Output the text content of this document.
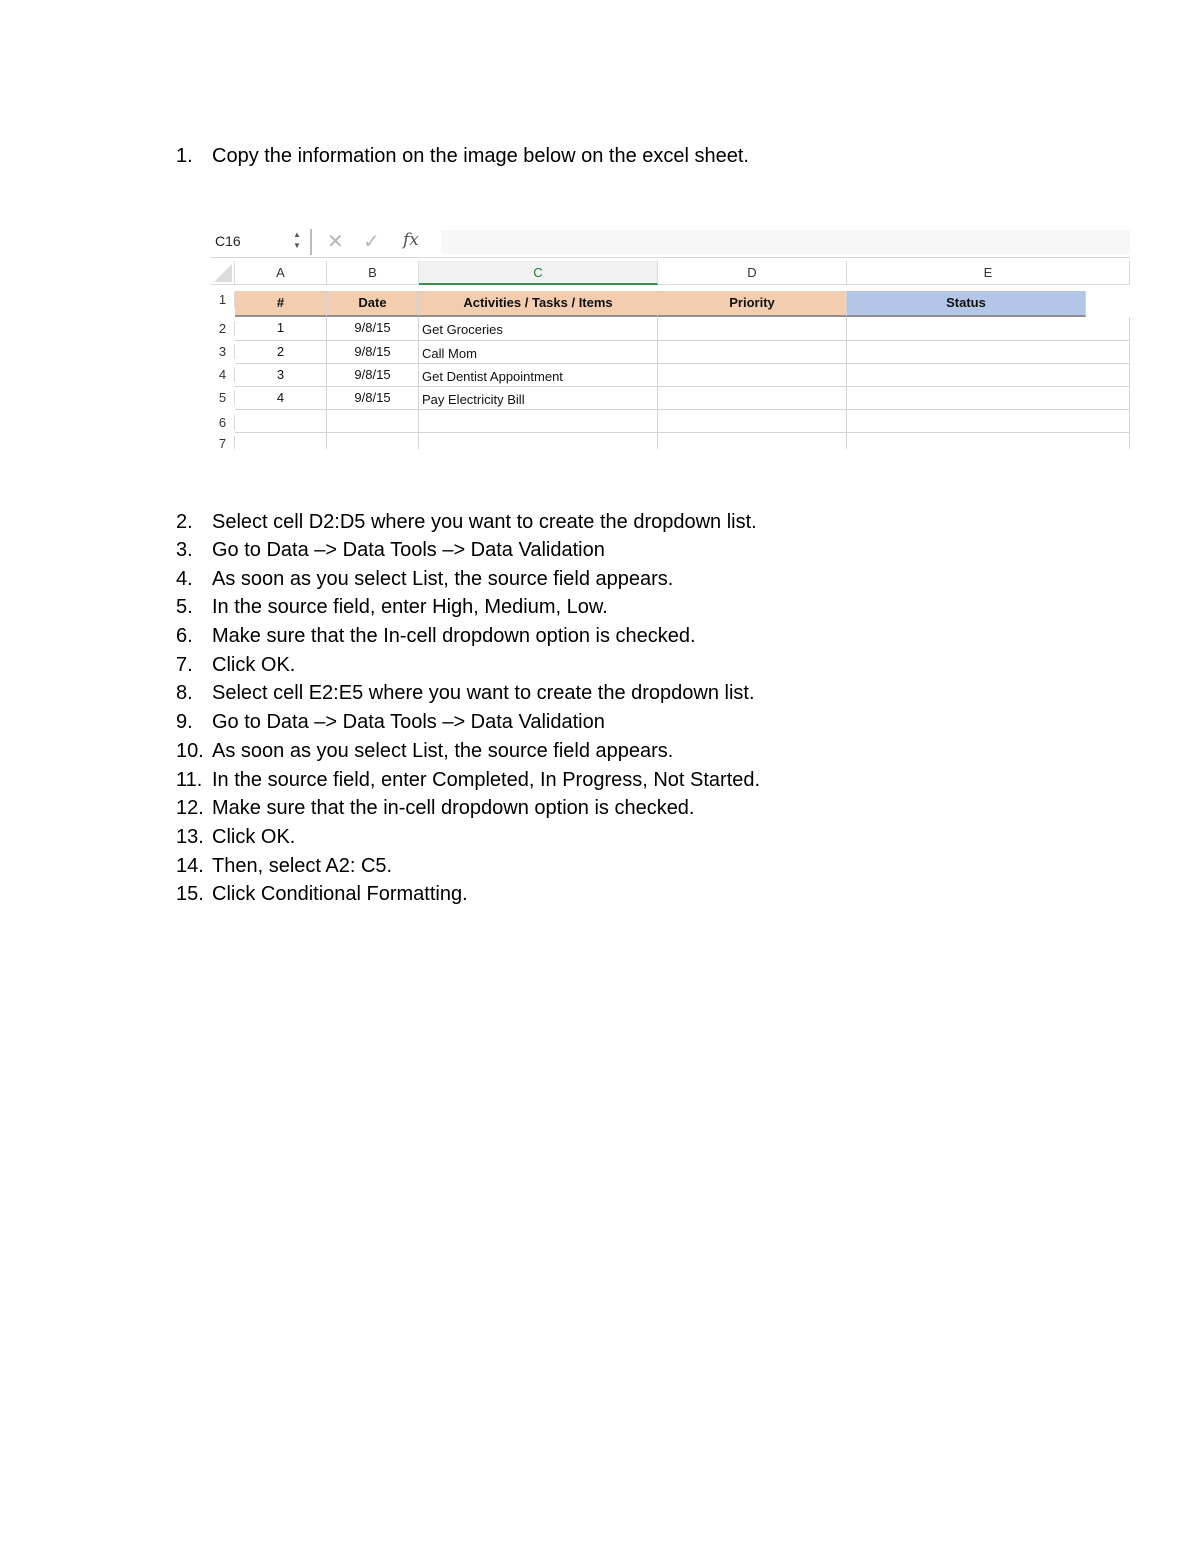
1. Copy the information on the image below on the excel sheet.
C16	▲
▼ ✕ ✓ fx
A	B	C	D	E
1
2
3
4
5
6
7
#	Date	Activities / Tasks / Items	Priority	Status
1	9/8/15	Get Groceries
2	9/8/15	Call Mom
3	9/8/15	Get Dentist Appointment
4	9/8/15	Pay Electricity Bill
2. Select cell D2:D5 where you want to create the dropdown list.
3. Go to Data –> Data Tools –> Data Validation
4. As soon as you select List, the source field appears.
5. In the source field, enter High, Medium, Low.
6. Make sure that the In-cell dropdown option is checked.
7. Click OK.
8. Select cell E2:E5 where you want to create the dropdown list.
9. Go to Data –> Data Tools –> Data Validation
10. As soon as you select List, the source field appears.
11. In the source field, enter Completed, In Progress, Not Started.
12. Make sure that the in-cell dropdown option is checked.
13. Click OK.
14. Then, select A2: C5.
15. Click Conditional Formatting.
